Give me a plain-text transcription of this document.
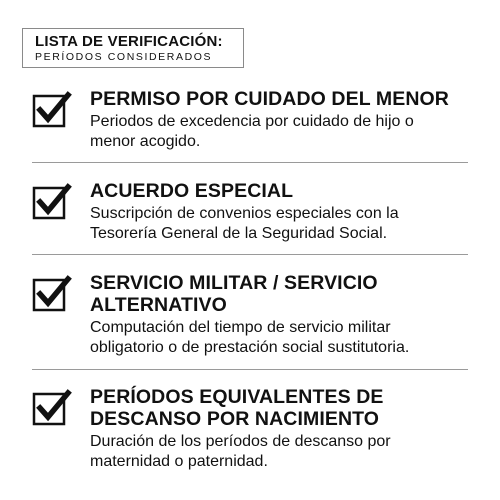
LISTA DE VERIFICACIÓN:
PERÍODOS CONSIDERADOS
PERMISO POR CUIDADO DEL MENOR
Periodos de excedencia por cuidado de hijo o menor acogido.
ACUERDO ESPECIAL
Suscripción de convenios especiales con la Tesorería General de la Seguridad Social.
SERVICIO MILITAR / SERVICIO ALTERNATIVO
Computación del tiempo de servicio militar obligatorio o de prestación social sustitutoria.
PERÍODOS EQUIVALENTES DE DESCANSO POR NACIMIENTO
Duración de los períodos de descanso por maternidad o paternidad.
